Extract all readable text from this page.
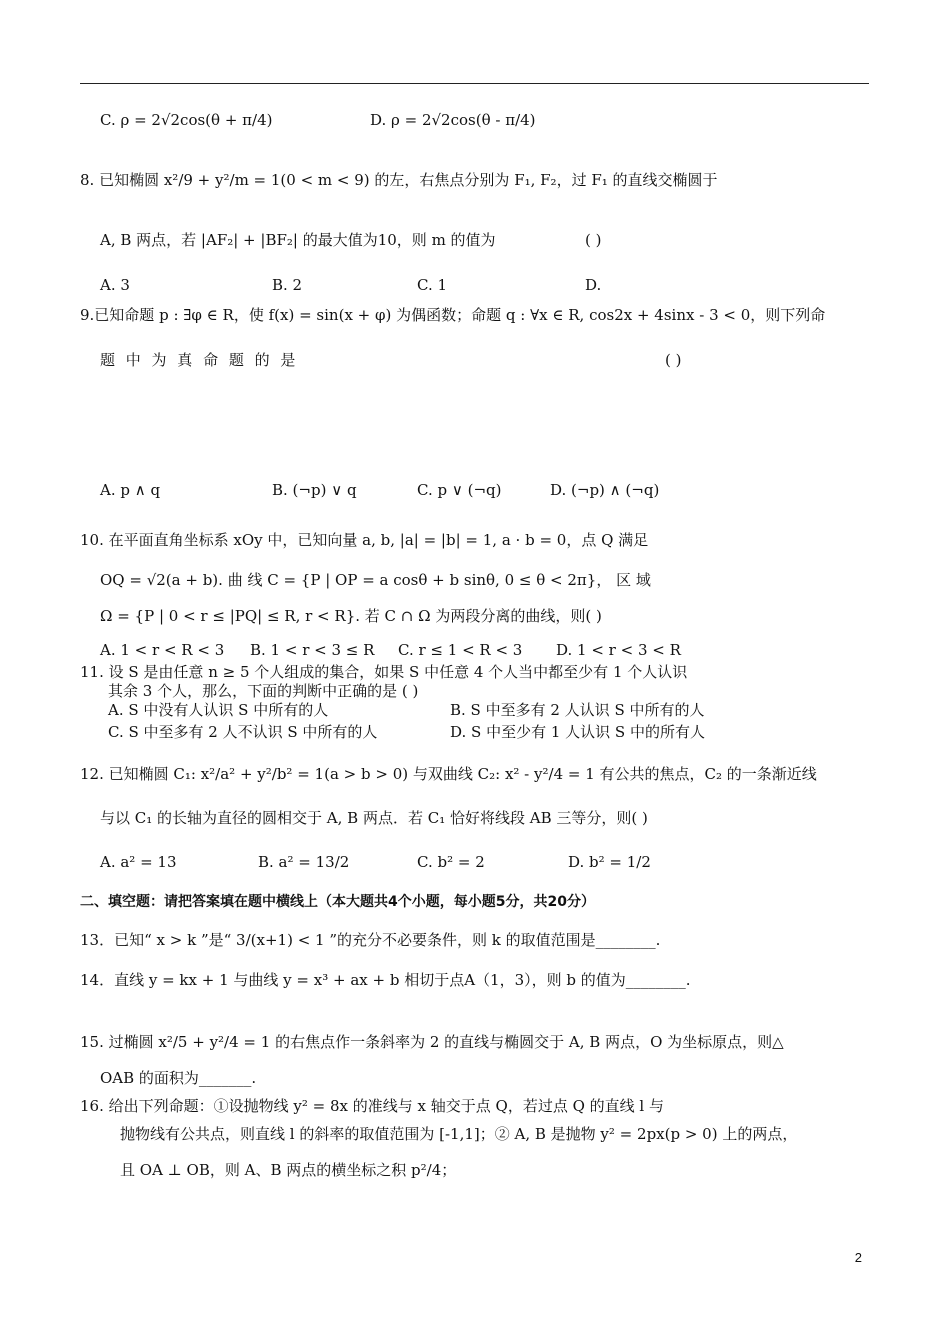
C. ρ = 2√2cos(θ + π/4)	D. ρ = 2√2cos(θ - π/4)
8. 已知椭圆 x²/9 + y²/m = 1(0 < m < 9) 的左，右焦点分别为 F₁, F₂，过 F₁ 的直线交椭圆于
A, B 两点，若 |AF₂| + |BF₂| 的最大值为10，则 m 的值为	( )
A. 3	B. 2	C. 1	D.
9.已知命题 p : ∃φ ∈ R，使 f(x) = sin(x + φ) 为偶函数；命题 q : ∀x ∈ R, cos2x + 4sinx - 3 < 0，则下列命
题 中 为 真 命 题 的 是	( )
A. p ∧ q	B. (¬p) ∨ q	C. p ∨ (¬q)	D. (¬p) ∧ (¬q)
10. 在平面直角坐标系 xOy 中，已知向量 a, b, |a| = |b| = 1, a · b = 0，点 Q 满足
OQ = √2(a + b). 曲 线 C = {P | OP = a cosθ + b sinθ, 0 ≤ θ < 2π}， 区 域
Ω = {P | 0 < r ≤ |PQ| ≤ R, r < R}. 若 C ∩ Ω 为两段分离的曲线，则( )
A. 1 < r < R < 3 B. 1 < r < 3 ≤ R C. r ≤ 1 < R < 3 D. 1 < r < 3 < R
11. 设 S 是由任意 n ≥ 5 个人组成的集合，如果 S 中任意 4 个人当中都至少有 1 个人认识
其余 3 个人，那么，下面的判断中正确的是 ( )
A. S 中没有人认识 S 中所有的人	B. S 中至多有 2 人认识 S 中所有的人
C. S 中至多有 2 人不认识 S 中所有的人	D. S 中至少有 1 人认识 S 中的所有人
12. 已知椭圆 C₁: x²/a² + y²/b² = 1(a > b > 0) 与双曲线 C₂: x² - y²/4 = 1 有公共的焦点，C₂ 的一条渐近线
与以 C₁ 的长轴为直径的圆相交于 A, B 两点．若 C₁ 恰好将线段 AB 三等分，则( )
A. a² = 13	B. a² = 13/2	C. b² = 2	D. b² = 1/2
二、填空题：请把答案填在题中横线上（本大题共4个小题，每小题5分，共20分）
13．已知“ x > k ”是“ 3/(x+1) < 1 ”的充分不必要条件，则 k 的取值范围是________.
14．直线 y = kx + 1 与曲线 y = x³ + ax + b 相切于点A（1，3），则 b 的值为________.
15. 过椭圆 x²/5 + y²/4 = 1 的右焦点作一条斜率为 2 的直线与椭圆交于 A, B 两点，O 为坐标原点，则△
OAB 的面积为_______.
16. 给出下列命题：①设抛物线 y² = 8x 的准线与 x 轴交于点 Q，若过点 Q 的直线 l 与
抛物线有公共点，则直线 l 的斜率的取值范围为 [-1,1]；② A, B 是抛物 y² = 2px(p > 0) 上的两点，
且 OA ⊥ OB，则 A、B 两点的横坐标之积 p²/4；
2
